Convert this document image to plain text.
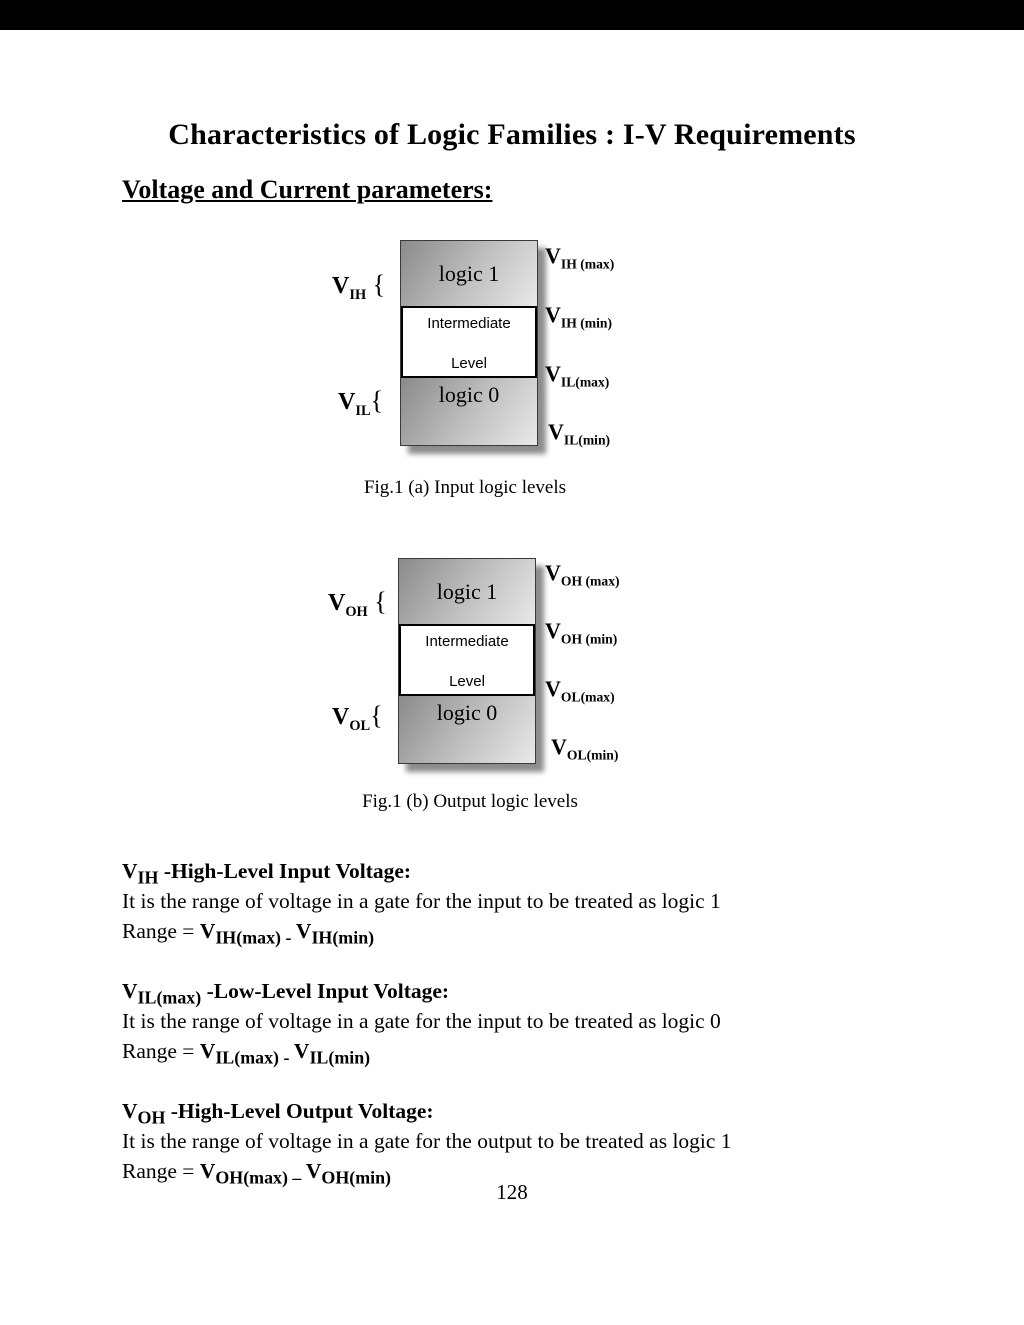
Characteristics of Logic Families : I-V Requirements
Voltage and Current parameters:
$V_{IH}$ {
$V_{IL}${
logic 1
Intermediate
Level
logic 0
$V_{IH (max)}$
$V_{IH (min)}$
$V_{IL(max)}$
$V_{IL(min)}$
Fig.1 (a) Input logic levels
$V_{OH}$ {
$V_{OL}${
logic 1
Intermediate
Level
logic 0
$V_{OH (max)}$
$V_{OH (min)}$
$V_{OL(max)}$
$V_{OL(min)}$
Fig.1 (b) Output logic levels
$V_{IH}$ -High-Level Input Voltage:
It is the range of voltage in a gate for the input to be treated as logic 1
Range = $V_{IH(max) -}$ $V_{IH(min)}$
$V_{IL(max)}$ -Low-Level Input Voltage:
It is the range of voltage in a gate for the input to be treated as logic 0
Range = $V_{IL(max) -}$ $V_{IL(min)}$
$V_{OH}$ -High-Level Output Voltage:
It is the range of voltage in a gate for the output to be treated as logic 1
Range = $V_{OH(max) -}$ $V_{OH(min)}$
128
